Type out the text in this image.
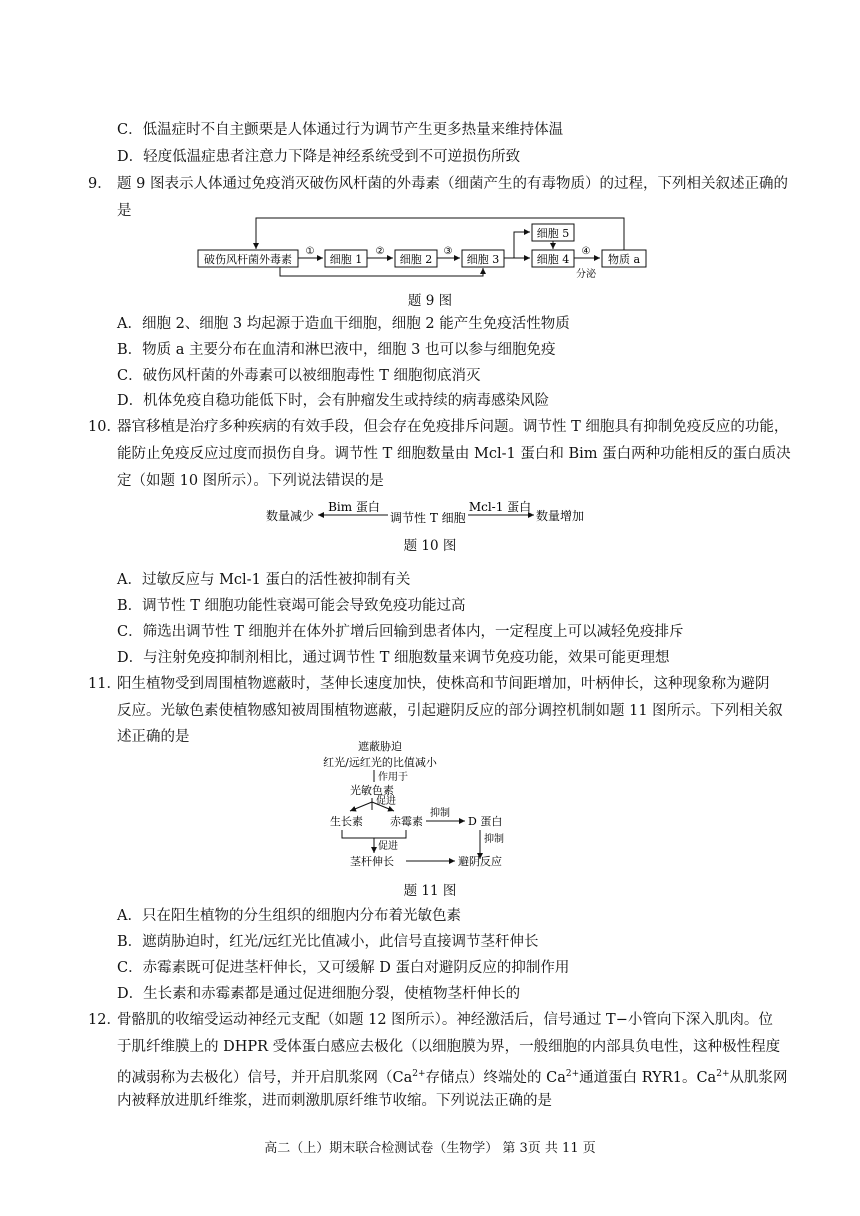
C．低温症时不自主颤栗是人体通过行为调节产生更多热量来维持体温
D．轻度低温症患者注意力下降是神经系统受到不可逆损伤所致
9． 题 9 图表示人体通过免疫消灭破伤风杆菌的外毒素（细菌产生的有毒物质）的过程，下列相关叙述正确的
是
破伤风杆菌外毒素	细胞 1	细胞 2	细胞 3
细胞 5
细胞 4	物质 a
①	②	③	④
分泌
题 9 图
A．细胞 2、细胞 3 均起源于造血干细胞，细胞 2 能产生免疫活性物质
B．物质 a 主要分布在血清和淋巴液中，细胞 3 也可以参与细胞免疫
C．破伤风杆菌的外毒素可以被细胞毒性 T 细胞彻底消灭
D．机体免疫自稳功能低下时，会有肿瘤发生或持续的病毒感染风险
10．
器官移植是治疗多种疾病的有效手段，但会存在免疫排斥问题。调节性 T 细胞具有抑制免疫反应的功能，
能防止免疫反应过度而损伤自身。调节性 T 细胞数量由 Mcl-1 蛋白和 Bim 蛋白两种功能相反的蛋白质决
定（如题 10 图所示）。下列说法错误的是
数量减少
Bim 蛋白
调节性 T 细胞
Mcl-1 蛋白
数量增加
题 10 图
A．过敏反应与 Mcl-1 蛋白的活性被抑制有关
B．调节性 T 细胞功能性衰竭可能会导致免疫功能过高
C．筛选出调节性 T 细胞并在体外扩增后回输到患者体内，一定程度上可以减轻免疫排斥
D．与注射免疫抑制剂相比，通过调节性 T 细胞数量来调节免疫功能，效果可能更理想
11．
阳生植物受到周围植物遮蔽时，茎伸长速度加快，使株高和节间距增加，叶柄伸长，这种现象称为避阴
反应。光敏色素使植物感知被周围植物遮蔽，引起避阴反应的部分调控机制如题 11 图所示。下列相关叙
述正确的是
遮蔽胁迫
红光/远红光的比值减小
作用于
光敏色素
促进
生长素 赤霉素
抑制
D 蛋白
抑制
促进
茎杆伸长	避阴反应
题 11 图
A．只在阳生植物的分生组织的细胞内分布着光敏色素
B．遮荫胁迫时，红光/远红光比值减小，此信号直接调节茎秆伸长
C．赤霉素既可促进茎杆伸长，又可缓解 D 蛋白对避阴反应的抑制作用
D．生长素和赤霉素都是通过促进细胞分裂，使植物茎杆伸长的
12．
骨骼肌的收缩受运动神经元支配（如题 12 图所示）。神经激活后，信号通过 T−小管向下深入肌肉。位
于肌纤维膜上的 DHPR 受体蛋白感应去极化（以细胞膜为界，一般细胞的内部具负电性，这种极性程度
的减弱称为去极化）信号，并开启肌浆网（$Ca^{2+}$存储点）终端处的 $Ca^{2+}$通道蛋白 RYR1。$Ca^{2+}$从肌浆网
内被释放进肌纤维浆，进而刺激肌原纤维节收缩。下列说法正确的是
高二（上）期末联合检测试卷（生物学） 第 3页 共 11 页
